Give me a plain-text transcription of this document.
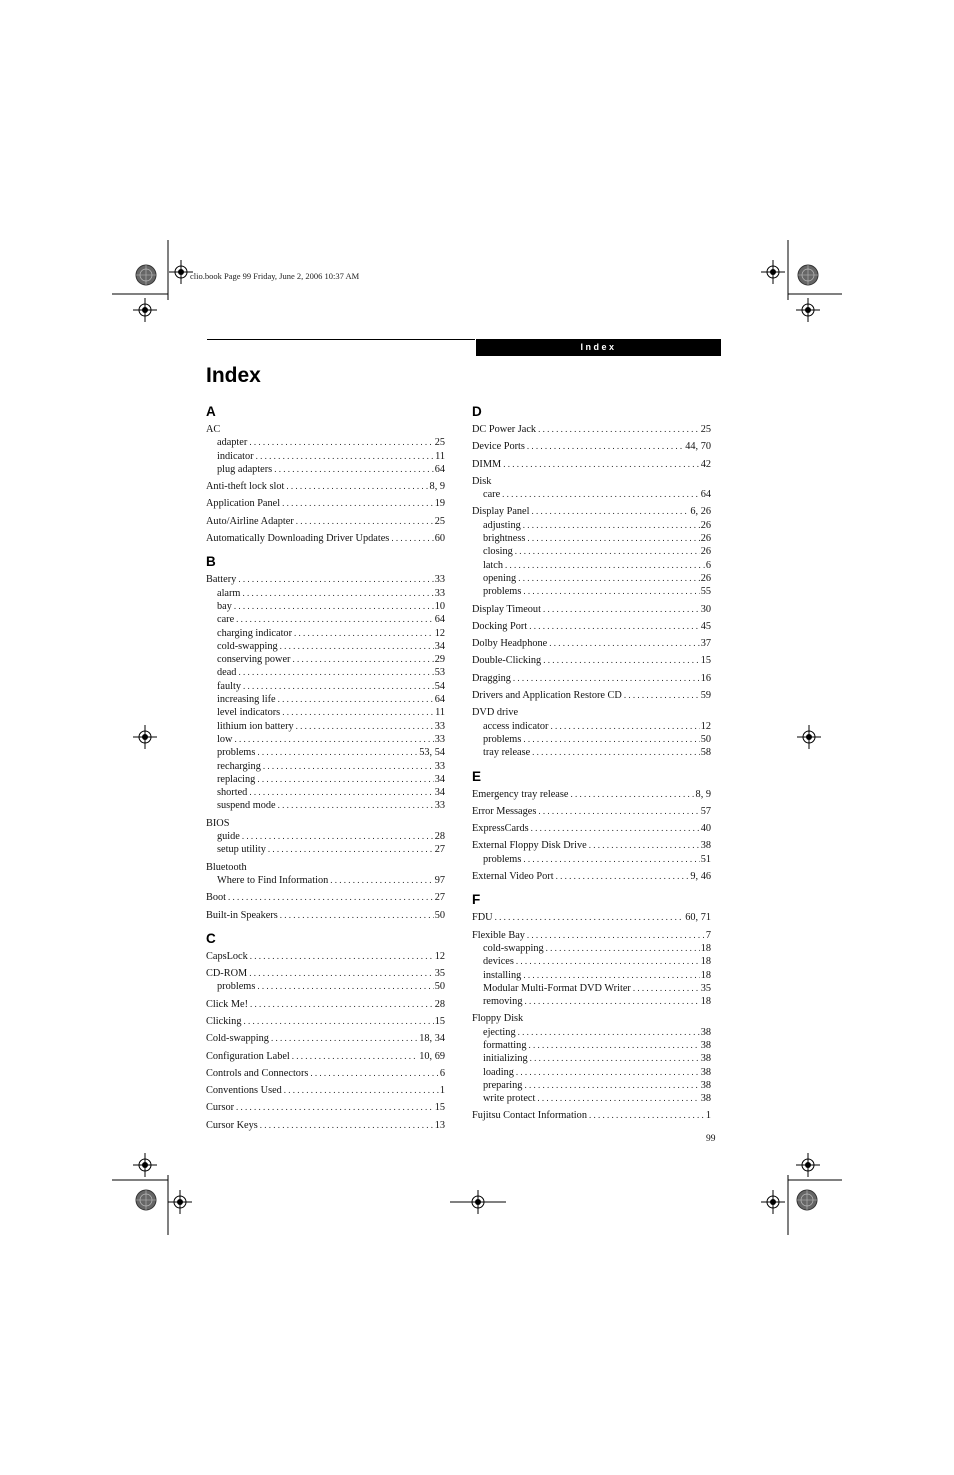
clio.book Page 99 Friday, June 2, 2006 10:37 AM
Index
Index
A
AC
adapter . . .	25
indicator . . .	11
plug adapters . . .	64
Anti-theft lock slot . . .	8, 9
Application Panel . . .	19
Auto/Airline Adapter . . .	25
Automatically Downloading Driver Updates . . .	60
B
Battery . . .	33
alarm . . .	33
bay . . .	10
care . . .	64
charging indicator . . .	12
cold-swapping . . .	34
conserving power . . .	29
dead . . .	53
faulty . . .	54
increasing life . . .	64
level indicators . . .	11
lithium ion battery . . .	33
low . . .	33
problems . . .	53, 54
recharging . . .	33
replacing . . .	34
shorted . . .	34
suspend mode . . .	33
BIOS
guide . . .	28
setup utility . . .	27
Bluetooth
Where to Find Information . . .	97
Boot . . .	27
Built-in Speakers . . .	50
C
CapsLock . . .	12
CD-ROM . . .	35
problems . . .	50
Click Me! . . .	28
Clicking . . .	15
Cold-swapping . . .	18, 34
Configuration Label . . .	10, 69
Controls and Connectors . . .	6
Conventions Used . . .	1
Cursor . . .	15
Cursor Keys . . .	13
D
DC Power Jack . . .	25
Device Ports . . .	44, 70
DIMM . . .	42
Disk
care . . .	64
Display Panel . . .	6, 26
adjusting . . .	26
brightness . . .	26
closing . . .	26
latch . . .	6
opening . . .	26
problems . . .	55
Display Timeout . . .	30
Docking Port . . .	45
Dolby Headphone . . .	37
Double-Clicking . . .	15
Dragging . . .	16
Drivers and Application Restore CD . . .	59
DVD drive
access indicator . . .	12
problems . . .	50
tray release . . .	58
E
Emergency tray release . . .	8, 9
Error Messages . . .	57
ExpressCards . . .	40
External Floppy Disk Drive . . .	38
problems . . .	51
External Video Port . . .	9, 46
F
FDU . . .	60, 71
Flexible Bay . . .	7
cold-swapping . . .	18
devices . . .	18
installing . . .	18
Modular Multi-Format DVD Writer . . .	35
removing . . .	18
Floppy Disk
ejecting . . .	38
formatting . . .	38
initializing . . .	38
loading . . .	38
preparing . . .	38
write protect . . .	38
Fujitsu Contact Information . . .	1
99
